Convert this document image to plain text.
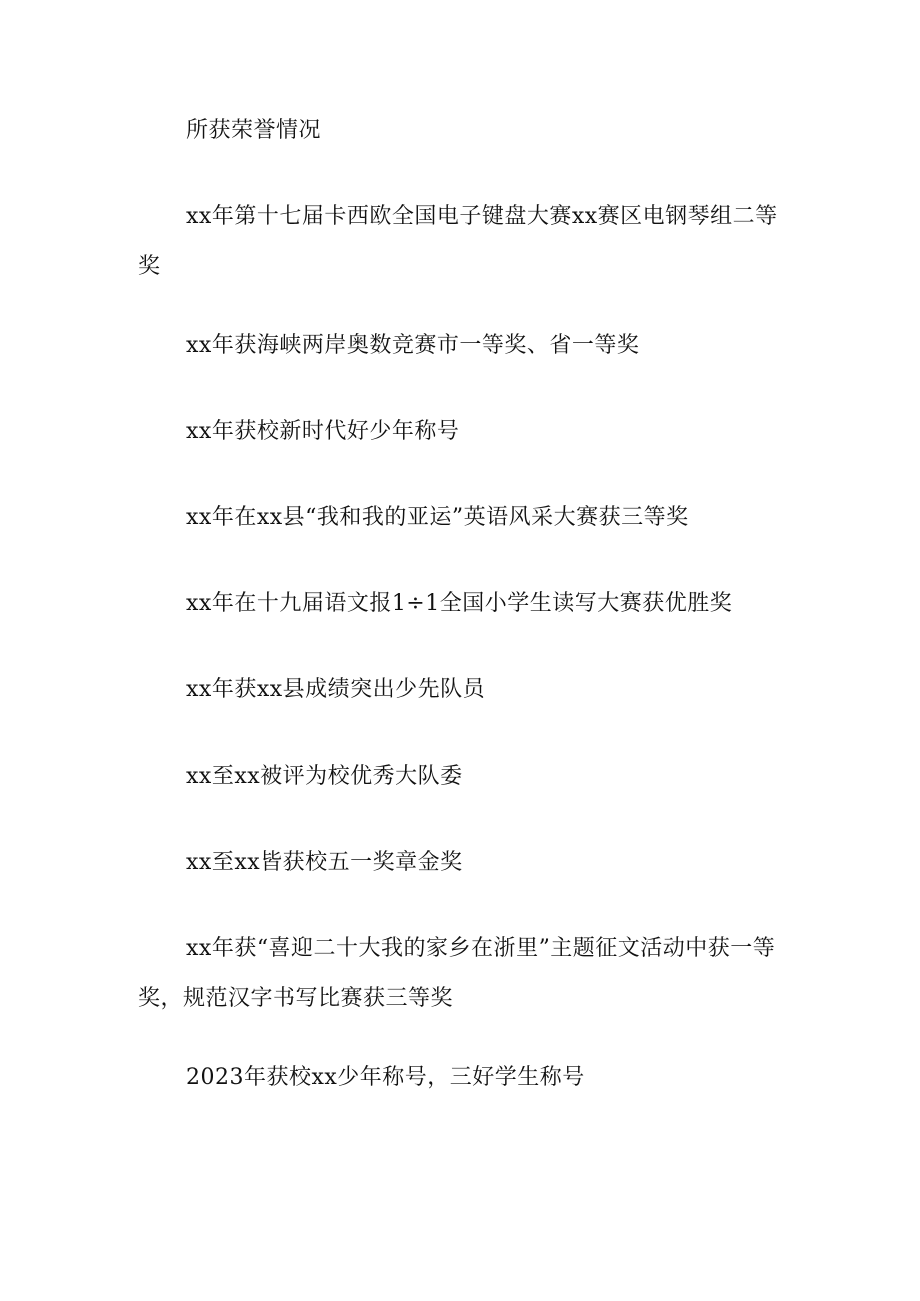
所获荣誉情况

xx年第十七届卡西欧全国电子键盘大赛xx赛区电钢琴组二等奖

xx年获海峡两岸奥数竞赛市一等奖、省一等奖

xx年获校新时代好少年称号

xx年在xx县“我和我的亚运”英语风采大赛获三等奖

xx年在十九届语文报1÷1全国小学生读写大赛获优胜奖

xx年获xx县成绩突出少先队员

xx至xx被评为校优秀大队委

xx至xx皆获校五一奖章金奖

xx年获“喜迎二十大我的家乡在浙里”主题征文活动中获一等奖，规范汉字书写比赛获三等奖

2023年获校xx少年称号，三好学生称号
